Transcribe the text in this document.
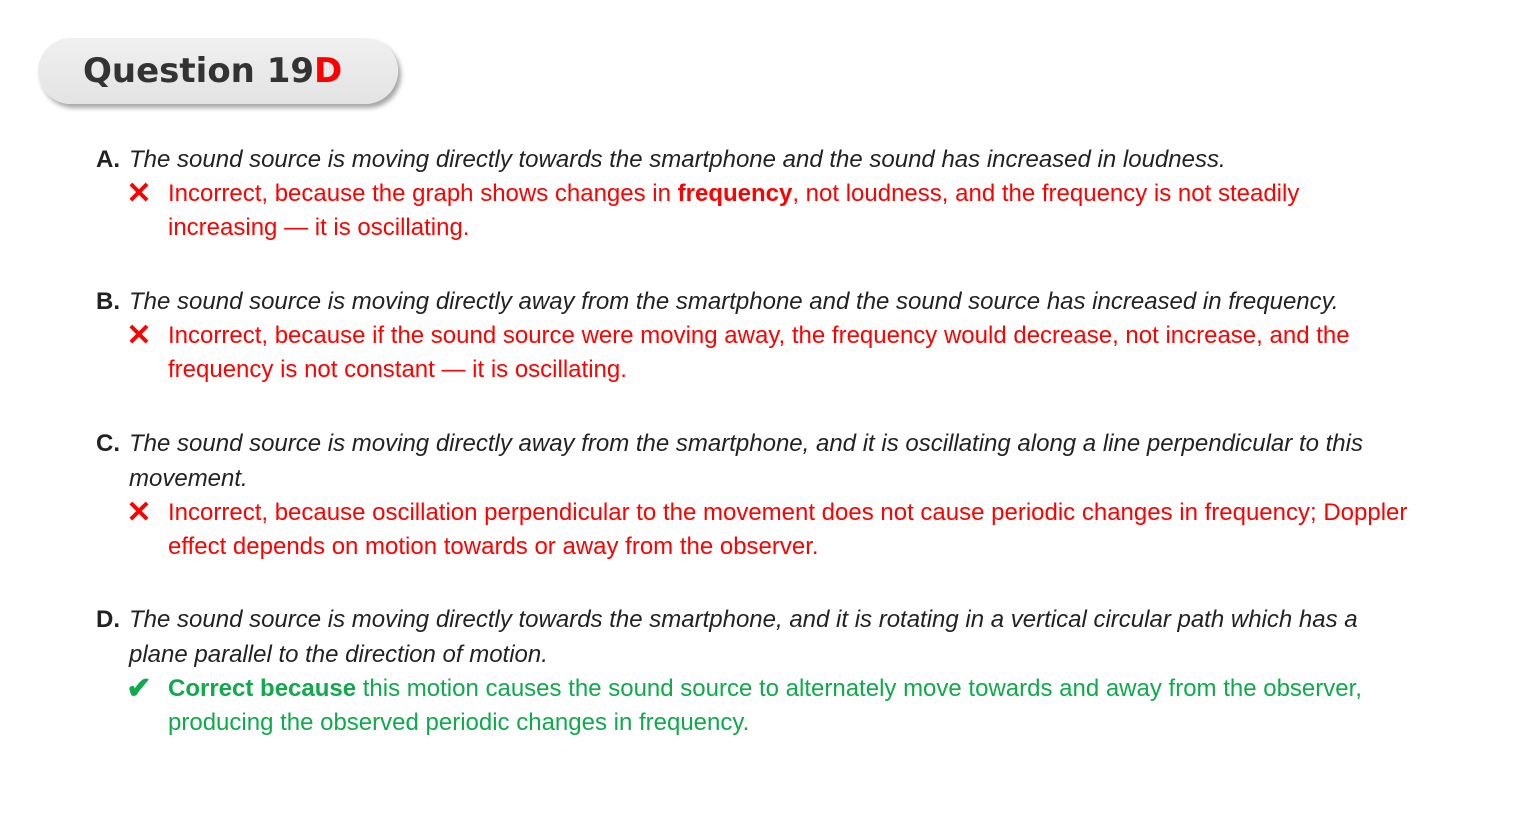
Question 19 D
A. The sound source is moving directly towards the smartphone and the sound has increased in loudness.
✕ Incorrect, because the graph shows changes in frequency, not loudness, and the frequency is not steadily increasing — it is oscillating.
B. The sound source is moving directly away from the smartphone and the sound source has increased in frequency.
✕ Incorrect, because if the sound source were moving away, the frequency would decrease, not increase, and the frequency is not constant — it is oscillating.
C. The sound source is moving directly away from the smartphone, and it is oscillating along a line perpendicular to this movement.
✕ Incorrect, because oscillation perpendicular to the movement does not cause periodic changes in frequency; Doppler effect depends on motion towards or away from the observer.
D. The sound source is moving directly towards the smartphone, and it is rotating in a vertical circular path which has a plane parallel to the direction of motion.
✔ Correct because this motion causes the sound source to alternately move towards and away from the observer, producing the observed periodic changes in frequency.
